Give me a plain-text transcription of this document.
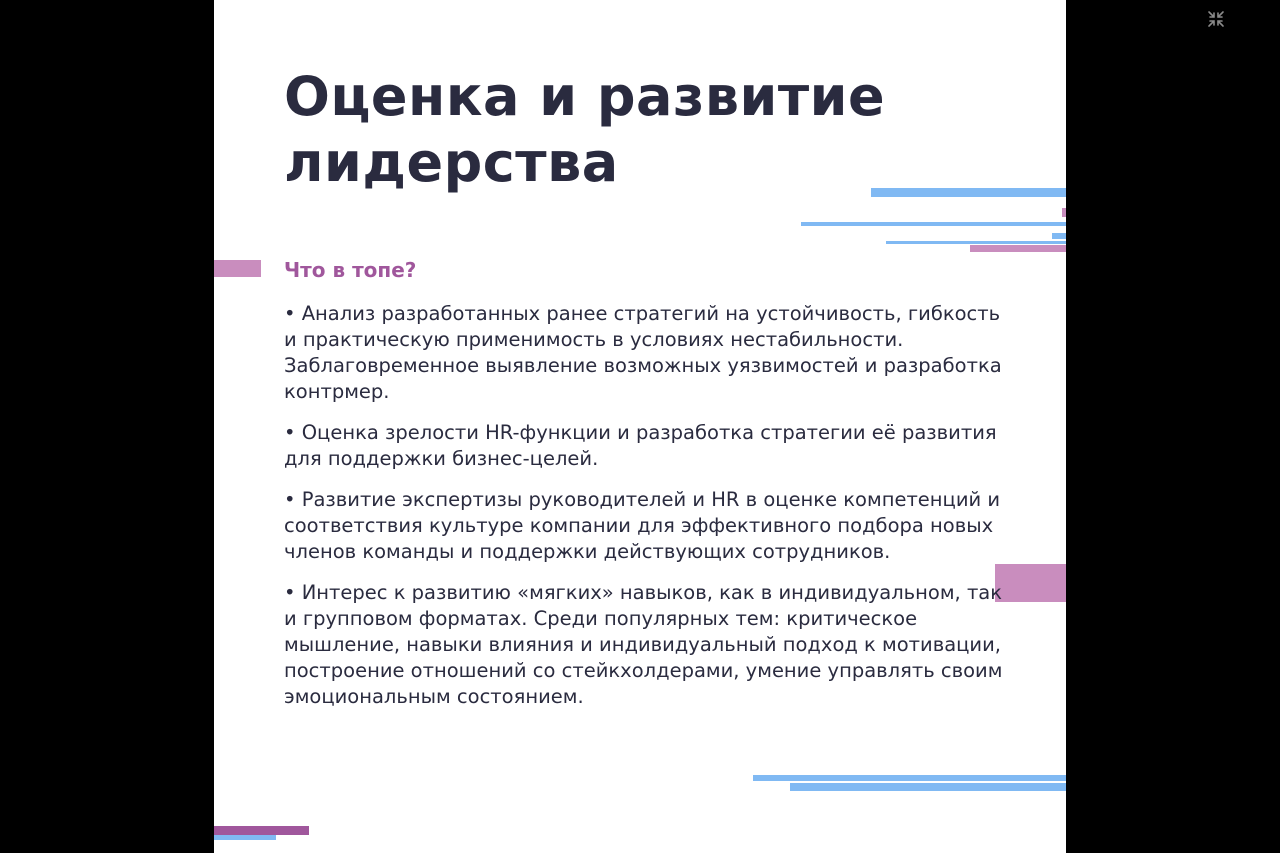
Оценка и развитие лидерства
Что в топе?

• Анализ разработанных ранее стратегий на устойчивость, гибкость и практическую применимость в условиях нестабильности. Заблаговременное выявление возможных уязвимостей и разработка контрмер.

• Оценка зрелости HR-функции и разработка стратегии её развития для поддержки бизнес-целей.

• Развитие экспертизы руководителей и HR в оценке компетенций и соответствия культуре компании для эффективного подбора новых членов команды и поддержки действующих сотрудников.

• Интерес к развитию «мягких» навыков, как в индивидуальном, так и групповом форматах. Среди популярных тем: критическое мышление, навыки влияния и индивидуальный подход к мотивации, построение отношений со стейкхолдерами, умение управлять своим эмоциональным состоянием.
